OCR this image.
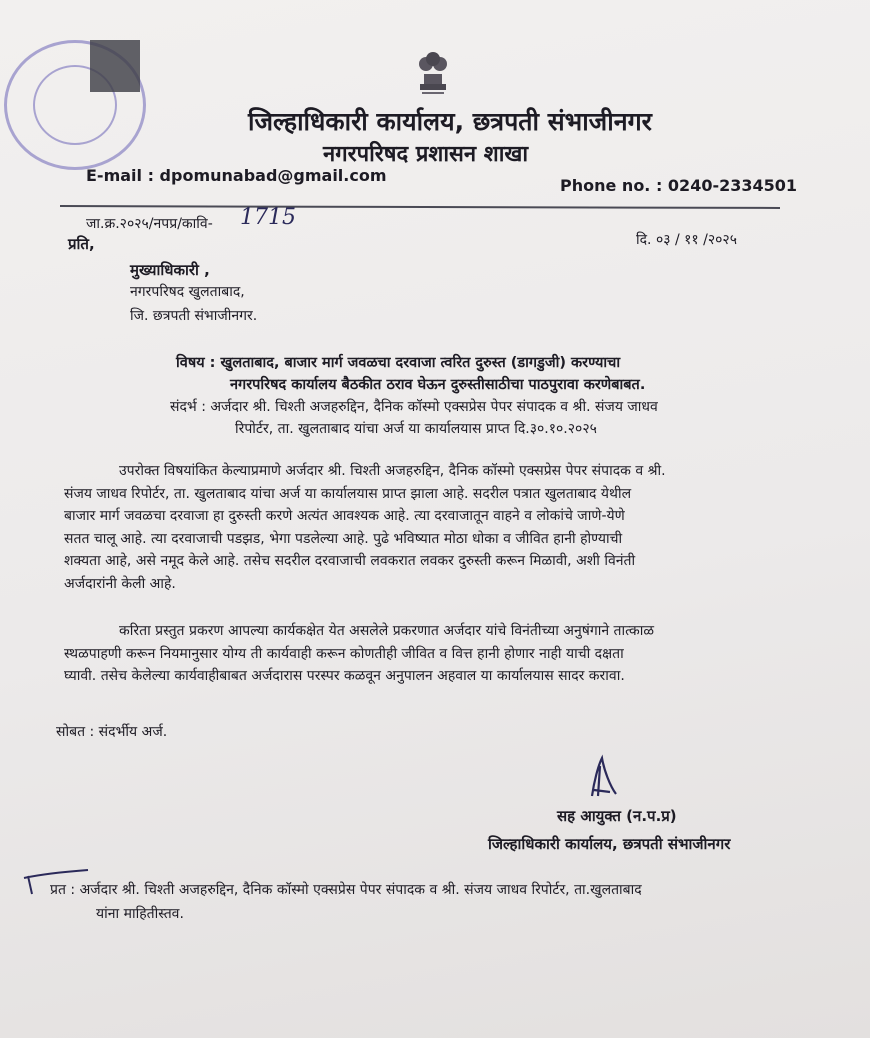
जिल्हाधिकारी कार्यालय, छत्रपती संभाजीनगर
नगरपरिषद प्रशासन शाखा
E-mail : dpomunabad@gmail.com
Phone no. : 0240-2334501
जा.क्र.२०२५/नपप्र/कावि- 1715
दि. ०३ / ११ /२०२५
प्रति,
मुख्याधिकारी ,
नगरपरिषद खुलताबाद,
जि. छत्रपती संभाजीनगर.
विषय : खुलताबाद, बाजार मार्ग जवळचा दरवाजा त्वरित दुरुस्त (डागडुजी) करण्याचा
नगरपरिषद कार्यालय बैठकीत ठराव घेऊन दुरुस्तीसाठीचा पाठपुरावा करणेबाबत.
संदर्भ : अर्जदार श्री. चिश्ती अजहरुद्दिन, दैनिक कॉस्मो एक्सप्रेस पेपर संपादक व श्री. संजय जाधव
रिपोर्टर, ता. खुलताबाद यांचा अर्ज या कार्यालयास प्राप्त दि.३०.१०.२०२५
उपरोक्त विषयांकित केल्याप्रमाणे अर्जदार श्री. चिश्ती अजहरुद्दिन, दैनिक कॉस्मो एक्सप्रेस पेपर संपादक व श्री.
संजय जाधव रिपोर्टर, ता. खुलताबाद यांचा अर्ज या कार्यालयास प्राप्त झाला आहे. सदरील पत्रात खुलताबाद येथील
बाजार मार्ग जवळचा दरवाजा हा दुरुस्ती करणे अत्यंत आवश्यक आहे. त्या दरवाजातून वाहने व लोकांचे जाणे-येणे
सतत चालू आहे. त्या दरवाजाची पडझड, भेगा पडलेल्या आहे. पुढे भविष्यात मोठा धोका व जीवित हानी होण्याची
शक्यता आहे, असे नमूद केले आहे. तसेच सदरील दरवाजाची लवकरात लवकर दुरुस्ती करून मिळावी, अशी विनंती
अर्जदारांनी केली आहे.
करिता प्रस्तुत प्रकरण आपल्या कार्यकक्षेत येत असलेले प्रकरणात अर्जदार यांचे विनंतीच्या अनुषंगाने तात्काळ
स्थळपाहणी करून नियमानुसार योग्य ती कार्यवाही करून कोणतीही जीवित व वित्त हानी होणार नाही याची दक्षता
घ्यावी. तसेच केलेल्या कार्यवाहीबाबत अर्जदारास परस्पर कळवून अनुपालन अहवाल या कार्यालयास सादर करावा.
सोबत : संदर्भीय अर्ज.
सह आयुक्त (न.प.प्र)
जिल्हाधिकारी कार्यालय, छत्रपती संभाजीनगर
प्रत : अर्जदार श्री. चिश्ती अजहरुद्दिन, दैनिक कॉस्मो एक्सप्रेस पेपर संपादक व श्री. संजय जाधव रिपोर्टर, ता.खुलताबाद
यांना माहितीस्तव.
